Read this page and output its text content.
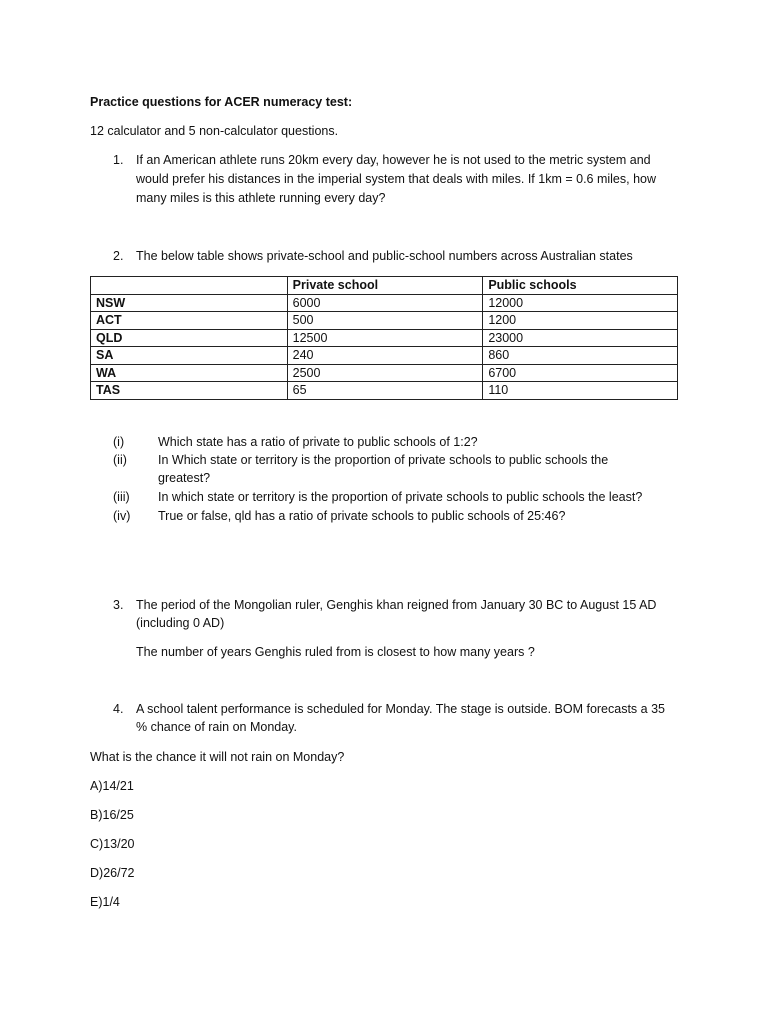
Practice questions for ACER numeracy test:
12 calculator and 5 non-calculator questions.
1. If an American athlete runs 20km every day, however he is not used to the metric system and
would prefer his distances in the imperial system that deals with miles. If 1km = 0.6 miles, how
many miles is this athlete running every day?
2. The below table shows private-school and public-school numbers across Australian states
	Private school	Public schools
NSW	6000	12000
ACT	500	1200
QLD	12500	23000
SA	240	860
WA	2500	6700
TAS	65	110
(i)	Which state has a ratio of private to public schools of 1:2?
(ii) In Which state or territory is the proportion of private schools to public schools the
greatest?
(iii) In which state or territory is the proportion of private schools to public schools the least?
(iv) True or false, qld has a ratio of private schools to public schools of 25:46?
3. The period of the Mongolian ruler, Genghis khan reigned from January 30 BC to August 15 AD
(including 0 AD)
The number of years Genghis ruled from is closest to how many years ?
4. A school talent performance is scheduled for Monday. The stage is outside. BOM forecasts a 35
% chance of rain on Monday.
What is the chance it will not rain on Monday?
A)14/21
B)16/25
C)13/20
D)26/72
E)1/4
